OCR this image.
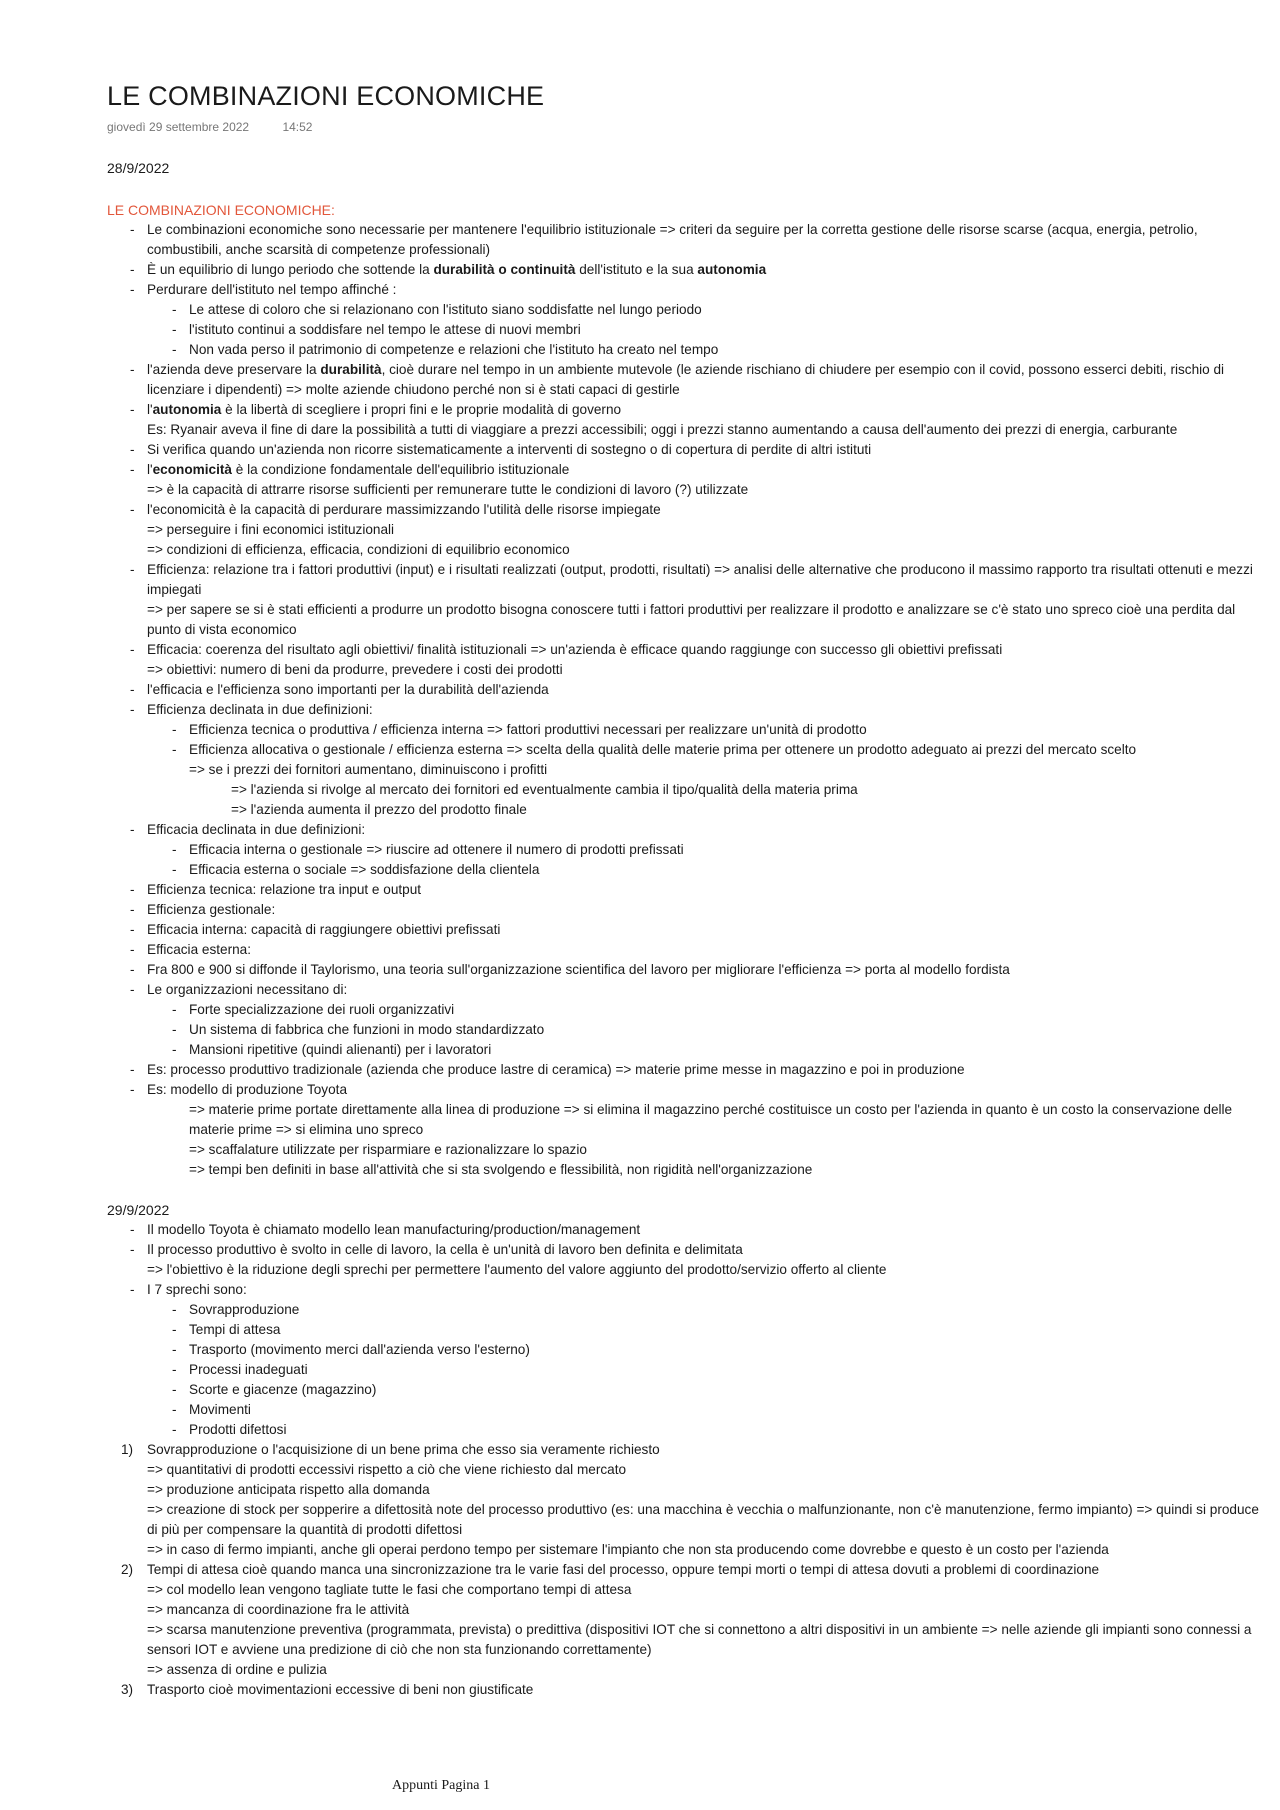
LE COMBINAZIONI ECONOMICHE
giovedì 29 settembre 2022	14:52
28/9/2022
LE COMBINAZIONI ECONOMICHE:
- Le combinazioni economiche sono necessarie per mantenere l'equilibrio istituzionale => criteri da seguire per la corretta gestione delle risorse scarse (acqua, energia, petrolio, combustibili, anche scarsità di competenze professionali)
- È un equilibrio di lungo periodo che sottende la durabilità o continuità dell'istituto e la sua autonomia
- Perdurare dell'istituto nel tempo affinché :
- Le attese di coloro che si relazionano con l'istituto siano soddisfatte nel lungo periodo
- l'istituto continui a soddisfare nel tempo le attese di nuovi membri
- Non vada perso il patrimonio di competenze e relazioni che l'istituto ha creato nel tempo
- l'azienda deve preservare la durabilità, cioè durare nel tempo in un ambiente mutevole (le aziende rischiano di chiudere per esempio con il covid, possono esserci debiti, rischio di licenziare i dipendenti) => molte aziende chiudono perché non si è stati capaci di gestirle
- l'autonomia è la libertà di scegliere i propri fini e le proprie modalità di governo
Es: Ryanair aveva il fine di dare la possibilità a tutti di viaggiare a prezzi accessibili; oggi i prezzi stanno aumentando a causa dell'aumento dei prezzi di energia, carburante
- Si verifica quando un'azienda non ricorre sistematicamente a interventi di sostegno o di copertura di perdite di altri istituti
- l'economicità è la condizione fondamentale dell'equilibrio istituzionale
=> è la capacità di attrarre risorse sufficienti per remunerare tutte le condizioni di lavoro (?) utilizzate
- l'economicità è la capacità di perdurare massimizzando l'utilità delle risorse impiegate
=> perseguire i fini economici istituzionali
=> condizioni di efficienza, efficacia, condizioni di equilibrio economico
- Efficienza: relazione tra i fattori produttivi (input) e i risultati realizzati (output, prodotti, risultati) => analisi delle alternative che producono il massimo rapporto tra risultati ottenuti e mezzi impiegati
=> per sapere se si è stati efficienti a produrre un prodotto bisogna conoscere tutti i fattori produttivi per realizzare il prodotto e analizzare se c'è stato uno spreco cioè una perdita dal punto di vista economico
- Efficacia: coerenza del risultato agli obiettivi/ finalità istituzionali => un'azienda è efficace quando raggiunge con successo gli obiettivi prefissati
=> obiettivi: numero di beni da produrre, prevedere i costi dei prodotti
- l'efficacia e l'efficienza sono importanti per la durabilità dell'azienda
- Efficienza declinata in due definizioni:
- Efficienza tecnica o produttiva / efficienza interna => fattori produttivi necessari per realizzare un'unità di prodotto
- Efficienza allocativa o gestionale / efficienza esterna => scelta della qualità delle materie prima per ottenere un prodotto adeguato ai prezzi del mercato scelto
=> se i prezzi dei fornitori aumentano, diminuiscono i profitti
=> l'azienda si rivolge al mercato dei fornitori ed eventualmente cambia il tipo/qualità della materia prima
=> l'azienda aumenta il prezzo del prodotto finale
- Efficacia declinata in due definizioni:
- Efficacia interna o gestionale => riuscire ad ottenere il numero di prodotti prefissati
- Efficacia esterna o sociale => soddisfazione della clientela
- Efficienza tecnica: relazione tra input e output
- Efficienza gestionale:
- Efficacia interna: capacità di raggiungere obiettivi prefissati
- Efficacia esterna:
- Fra 800 e 900 si diffonde il Taylorismo, una teoria sull'organizzazione scientifica del lavoro per migliorare l'efficienza => porta al modello fordista
- Le organizzazioni necessitano di:
- Forte specializzazione dei ruoli organizzativi
- Un sistema di fabbrica che funzioni in modo standardizzato
- Mansioni ripetitive (quindi alienanti) per i lavoratori
- Es: processo produttivo tradizionale (azienda che produce lastre di ceramica) => materie prime messe in magazzino e poi in produzione
- Es: modello di produzione Toyota
=> materie prime portate direttamente alla linea di produzione => si elimina il magazzino perché costituisce un costo per l'azienda in quanto è un costo la conservazione delle materie prime => si elimina uno spreco
=> scaffalature utilizzate per risparmiare e razionalizzare lo spazio
=> tempi ben definiti in base all'attività che si sta svolgendo e flessibilità, non rigidità nell'organizzazione
29/9/2022
- Il modello Toyota è chiamato modello lean manufacturing/production/management
- Il processo produttivo è svolto in celle di lavoro, la cella è un'unità di lavoro ben definita e delimitata
=> l'obiettivo è la riduzione degli sprechi per permettere l'aumento del valore aggiunto del prodotto/servizio offerto al cliente
- I 7 sprechi sono:
- Sovrapproduzione
- Tempi di attesa
- Trasporto (movimento merci dall'azienda verso l'esterno)
- Processi inadeguati
- Scorte e giacenze (magazzino)
- Movimenti
- Prodotti difettosi
1) Sovrapproduzione o l'acquisizione di un bene prima che esso sia veramente richiesto
=> quantitativi di prodotti eccessivi rispetto a ciò che viene richiesto dal mercato
=> produzione anticipata rispetto alla domanda
=> creazione di stock per sopperire a difettosità note del processo produttivo (es: una macchina è vecchia o malfunzionante, non c'è manutenzione, fermo impianto) => quindi si produce di più per compensare la quantità di prodotti difettosi
=> in caso di fermo impianti, anche gli operai perdono tempo per sistemare l'impianto che non sta producendo come dovrebbe e questo è un costo per l'azienda
2) Tempi di attesa cioè quando manca una sincronizzazione tra le varie fasi del processo, oppure tempi morti o tempi di attesa dovuti a problemi di coordinazione
=> col modello lean vengono tagliate tutte le fasi che comportano tempi di attesa
=> mancanza di coordinazione fra le attività
=> scarsa manutenzione preventiva (programmata, prevista) o predittiva (dispositivi IOT che si connettono a altri dispositivi in un ambiente => nelle aziende gli impianti sono connessi a sensori IOT e avviene una predizione di ciò che non sta funzionando correttamente)
=> assenza di ordine e pulizia
3) Trasporto cioè movimentazioni eccessive di beni non giustificate
Appunti Pagina 1
